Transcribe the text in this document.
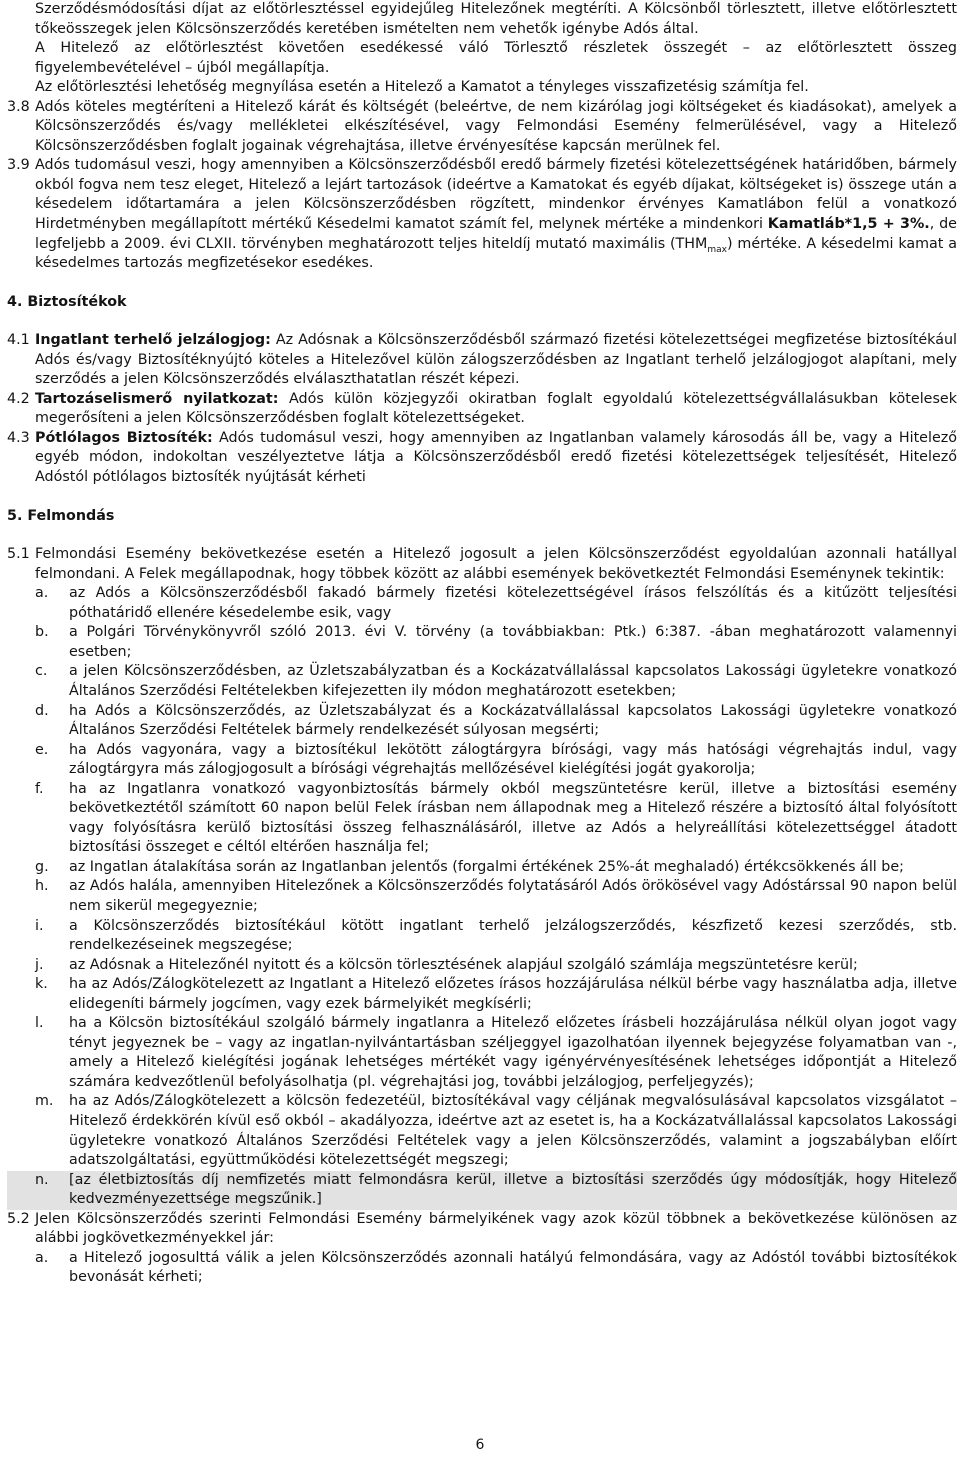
Szerződésmódosítási díjat az előtörlesztéssel egyidejűleg Hitelezőnek megtéríti. A Kölcsönből törlesztett, illetve előtörlesztett tőkeösszegek jelen Kölcsönszerződés keretében ismételten nem vehetők igénybe Adós által.

A Hitelező az előtörlesztést követően esedékessé váló Törlesztő részletek összegét – az előtörlesztett összeg figyelembevételével – újból megállapítja.

Az előtörlesztési lehetőség megnyílása esetén a Hitelező a Kamatot a tényleges visszafizetésig számítja fel.

3.8 Adós köteles megtéríteni a Hitelező kárát és költségét (beleértve, de nem kizárólag jogi költségeket és kiadásokat), amelyek a Kölcsönszerződés és/vagy mellékletei elkészítésével, vagy Felmondási Esemény felmerülésével, vagy a Hitelező Kölcsönszerződésben foglalt jogainak végrehajtása, illetve érvényesítése kapcsán merülnek fel.

3.9 Adós tudomásul veszi, hogy amennyiben a Kölcsönszerződésből eredő bármely fizetési kötelezettségének határidőben, bármely okból fogva nem tesz eleget, Hitelező a lejárt tartozások (ideértve a Kamatokat és egyéb díjakat, költségeket is) összege után a késedelem időtartamára a jelen Kölcsönszerződésben rögzített, mindenkor érvényes Kamatlábon felül a vonatkozó Hirdetményben megállapított mértékű Késedelmi kamatot számít fel, melynek mértéke a mindenkori Kamatláb*1,5 + 3%., de legfeljebb a 2009. évi CLXII. törvényben meghatározott teljes hiteldíj mutató maximális $(THM_{max})$ mértéke. A késedelmi kamat a késedelmes tartozás megfizetésekor esedékes.

4. Biztosítékok

4.1 Ingatlant terhelő jelzálogjog: Az Adósnak a Kölcsönszerződésből származó fizetési kötelezettségei megfizetése biztosítékául Adós és/vagy Biztosítéknyújtó köteles a Hitelezővel külön zálogszerződésben az Ingatlant terhelő jelzálogjogot alapítani, mely szerződés a jelen Kölcsönszerződés elválaszthatatlan részét képezi.

4.2 Tartozáselismerő nyilatkozat: Adós külön közjegyzői okiratban foglalt egyoldalú kötelezettségvállalásukban kötelesek megerősíteni a jelen Kölcsönszerződésben foglalt kötelezettségeket.

4.3 Pótlólagos Biztosíték: Adós tudomásul veszi, hogy amennyiben az Ingatlanban valamely károsodás áll be, vagy a Hitelező egyéb módon, indokoltan veszélyeztetve látja a Kölcsönszerződésből eredő fizetési kötelezettségek teljesítését, Hitelező Adóstól pótlólagos biztosíték nyújtását kérheti

5. Felmondás

5.1 Felmondási Esemény bekövetkezése esetén a Hitelező jogosult a jelen Kölcsönszerződést egyoldalúan azonnali hatállyal felmondani. A Felek megállapodnak, hogy többek között az alábbi események bekövetkeztét Felmondási Eseménynek tekintik:

a. az Adós a Kölcsönszerződésből fakadó bármely fizetési kötelezettségével írásos felszólítás és a kitűzött teljesítési póthatáridő ellenére késedelembe esik, vagy
b. a Polgári Törvénykönyvről szóló 2013. évi V. törvény (a továbbiakban: Ptk.) 6:387. -ában meghatározott valamennyi esetben;
c. a jelen Kölcsönszerződésben, az Üzletszabályzatban és a Kockázatvállalással kapcsolatos Lakossági ügyletekre vonatkozó Általános Szerződési Feltételekben kifejezetten ily módon meghatározott esetekben;
d. ha Adós a Kölcsönszerződés, az Üzletszabályzat és a Kockázatvállalással kapcsolatos Lakossági ügyletekre vonatkozó Általános Szerződési Feltételek bármely rendelkezését súlyosan megsérti;
e. ha Adós vagyonára, vagy a biztosítékul lekötött zálogtárgyra bírósági, vagy más hatósági végrehajtás indul, vagy zálogtárgyra más zálogjogosult a bírósági végrehajtás mellőzésével kielégítési jogát gyakorolja;
f. ha az Ingatlanra vonatkozó vagyonbiztosítás bármely okból megszüntetésre kerül, illetve a biztosítási esemény bekövetkeztétől számított 60 napon belül Felek írásban nem állapodnak meg a Hitelező részére a biztosító által folyósított vagy folyósításra kerülő biztosítási összeg felhasználásáról, illetve az Adós a helyreállítási kötelezettséggel átadott biztosítási összeget e céltól eltérően használja fel;
g. az Ingatlan átalakítása során az Ingatlanban jelentős (forgalmi értékének 25%-át meghaladó) értékcsökkenés áll be;
h. az Adós halála, amennyiben Hitelezőnek a Kölcsönszerződés folytatásáról Adós örökösével vagy Adóstárssal 90 napon belül nem sikerül megegyeznie;
i. a Kölcsönszerződés biztosítékául kötött ingatlant terhelő jelzálogszerződés, készfizető kezesi szerződés, stb. rendelkezéseinek megszegése;
j. az Adósnak a Hitelezőnél nyitott és a kölcsön törlesztésének alapjául szolgáló számlája megszüntetésre kerül;
k. ha az Adós/Zálogkötelezett az Ingatlant a Hitelező előzetes írásos hozzájárulása nélkül bérbe vagy használatba adja, illetve elidegeníti bármely jogcímen, vagy ezek bármelyikét megkísérli;
l. ha a Kölcsön biztosítékául szolgáló bármely ingatlanra a Hitelező előzetes írásbeli hozzájárulása nélkül olyan jogot vagy tényt jegyeznek be – vagy az ingatlan-nyilvántartásban széljeggyel igazolhatóan ilyennek bejegyzése folyamatban van -, amely a Hitelező kielégítési jogának lehetséges mértékét vagy igényérvényesítésének lehetséges időpontját a Hitelező számára kedvezőtlenül befolyásolhatja (pl. végrehajtási jog, további jelzálogjog, perfeljegyzés);
m. ha az Adós/Zálogkötelezett a kölcsön fedezetéül, biztosítékával vagy céljának megvalósulásával kapcsolatos vizsgálatot – Hitelező érdekkörén kívül eső okból – akadályozza, ideértve azt az esetet is, ha a Kockázatvállalással kapcsolatos Lakossági ügyletekre vonatkozó Általános Szerződési Feltételek vagy a jelen Kölcsönszerződés, valamint a jogszabályban előírt adatszolgáltatási, együttműködési kötelezettségét megszegi;
n. [az életbiztosítás díj nemfizetés miatt felmondásra kerül, illetve a biztosítási szerződés úgy módosítják, hogy Hitelező kedvezményezettsége megszűnik.]

5.2 Jelen Kölcsönszerződés szerinti Felmondási Esemény bármelyikének vagy azok közül többnek a bekövetkezése különösen az alábbi jogkövetkezményekkel jár:

a. a Hitelező jogosulttá válik a jelen Kölcsönszerződés azonnali hatályú felmondására, vagy az Adóstól további biztosítékok bevonását kérheti;
6
